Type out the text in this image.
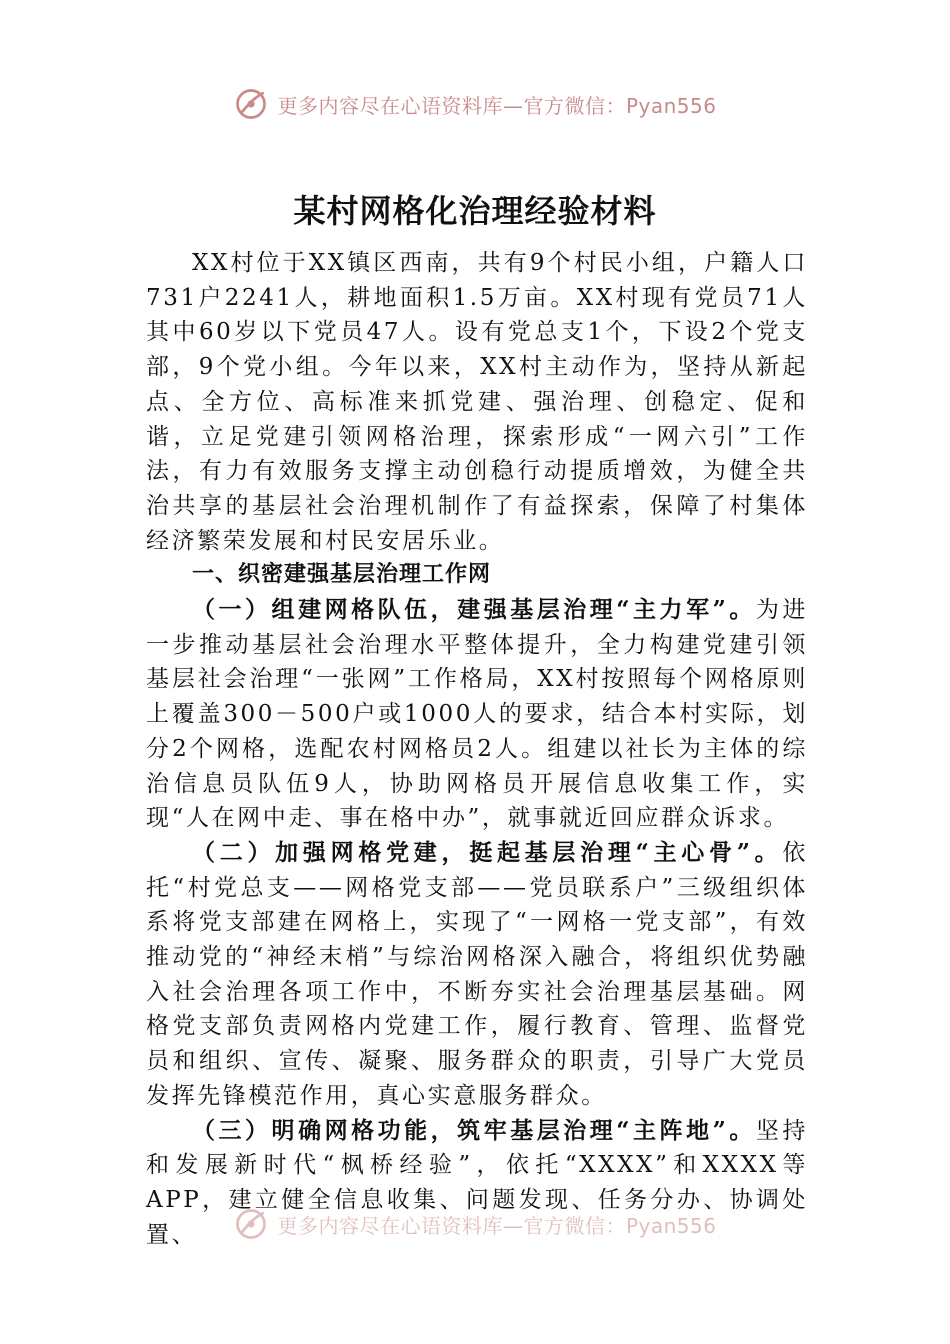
更多内容尽在心语资料库—官方微信：Pyan556
某村网格化治理经验材料

XX村位于XX镇区西南，共有9个村民小组，户籍人口731户2241人，耕地面积1.5万亩。XX村现有党员71人其中60岁以下党员47人。设有党总支1个，下设2个党支部，9个党小组。今年以来，XX村主动作为，坚持从新起点、全方位、高标准来抓党建、强治理、创稳定、促和谐，立足党建引领网格治理，探索形成“一网六引”工作法，有力有效服务支撑主动创稳行动提质增效，为健全共治共享的基层社会治理机制作了有益探索，保障了村集体经济繁荣发展和村民安居乐业。

一、织密建强基层治理工作网

（一）组建网格队伍，建强基层治理“主力军”。为进一步推动基层社会治理水平整体提升，全力构建党建引领基层社会治理“一张网”工作格局，XX村按照每个网格原则上覆盖300－500户或1000人的要求，结合本村实际，划分2个网格，选配农村网格员2人。组建以社长为主体的综治信息员队伍9人，协助网格员开展信息收集工作，实现“人在网中走、事在格中办”，就事就近回应群众诉求。

（二）加强网格党建，挺起基层治理“主心骨”。依托“村党总支——网格党支部——党员联系户”三级组织体系将党支部建在网格上，实现了“一网格一党支部”，有效推动党的“神经末梢”与综治网格深入融合，将组织优势融入社会治理各项工作中，不断夯实社会治理基层基础。网格党支部负责网格内党建工作，履行教育、管理、监督党员和组织、宣传、凝聚、服务群众的职责，引导广大党员发挥先锋模范作用，真心实意服务群众。

（三）明确网格功能，筑牢基层治理“主阵地”。坚持和发展新时代“枫桥经验”，依托“XXXX”和XXXX等APP，建立健全信息收集、问题发现、任务分办、协调处置、	更多内容尽在心语资料库—官方微信：Pyan556
